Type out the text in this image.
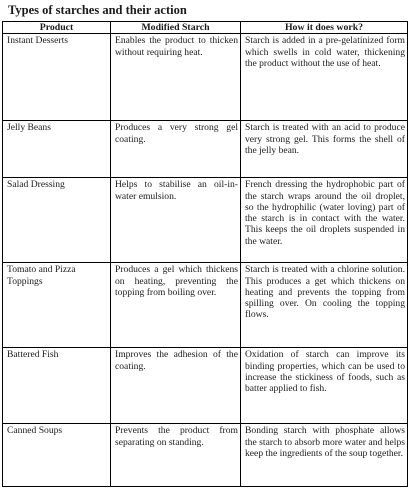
Types of starches and their action
Product	Modified Starch	How it does work?
Instant Desserts	Enables the product to thicken without requiring heat.	Starch is added in a pre-gelatinized form which swells in cold water, thickening the product without the use of heat.
Jelly Beans	Produces a very strong gel coating.	Starch is treated with an acid to produce very strong gel. This forms the shell of the jelly bean.
Salad Dressing	Helps to stabilise an oil-in-water emulsion.	French dressing the hydrophobic part of the starch wraps around the oil droplet, so the hydrophilic (water loving) part of the starch is in contact with the water. This keeps the oil droplets suspended in the water.
Tomato and Pizza Toppings	Produces a gel which thickens on heating, preventing the topping from boiling over.	Starch is treated with a chlorine solution. This produces a get which thickens on heating and prevents the topping from spilling over. On cooling the topping flows.
Battered Fish	Improves the adhesion of the coating.	Oxidation of starch can improve its binding properties, which can be used to increase the stickiness of foods, such as batter applied to fish.
Canned Soups	Prevents the product from separating on standing.	Bonding starch with phosphate allows the starch to absorb more water and helps keep the ingredients of the soup together.
